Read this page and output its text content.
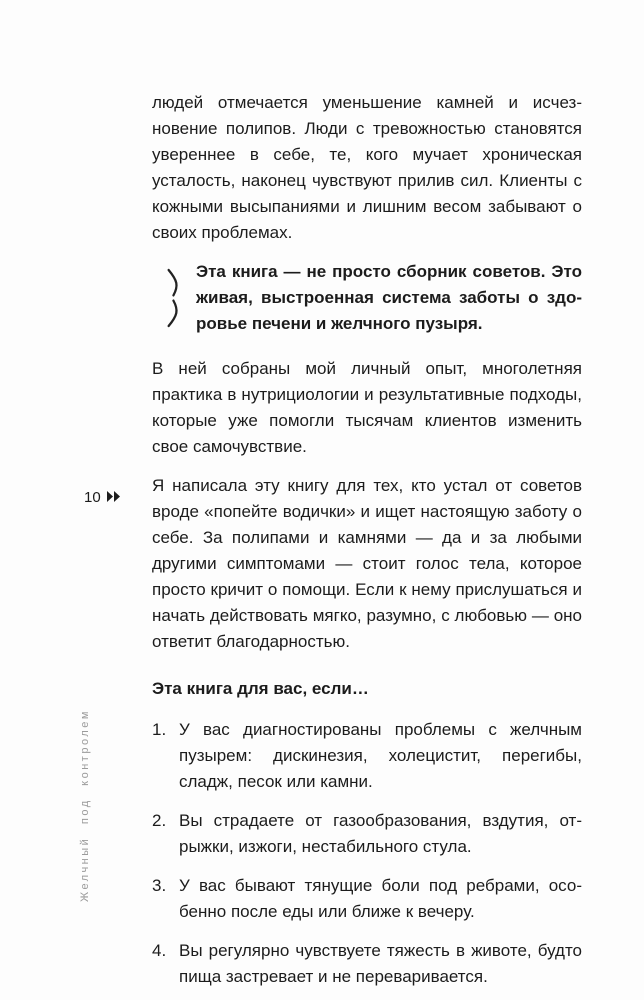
людей отмечается уменьшение камней и исчезновение полипов. Люди с тревожностью становятся увереннее в себе, те, кого мучает хроническая усталость, наконец чувствуют прилив сил. Клиенты с кожными высыпаниями и лишним весом забывают о своих проблемах.

Эта книга — не просто сборник советов. Это живая, выстроенная система заботы о здоровье печени и желчного пузыря.

В ней собраны мой личный опыт, многолетняя практика в нутрициологии и результативные подходы, которые уже помогли тысячам клиентов изменить свое самочувствие.

Я написала эту книгу для тех, кто устал от советов вроде «попейте водички» и ищет настоящую заботу о себе. За полипами и камнями — да и за любыми другими симптомами — стоит голос тела, которое просто кричит о помощи. Если к нему прислушаться и начать действовать мягко, разумно, с любовью — оно ответит благодарностью.

Эта книга для вас, если…
1. У вас диагностированы проблемы с желчным пузырем: дискинезия, холецистит, перегибы, сладж, песок или камни.
2. Вы страдаете от газообразования, вздутия, отрыжки, изжоги, нестабильного стула.
3. У вас бывают тянущие боли под ребрами, особенно после еды или ближе к вечеру.
4. Вы регулярно чувствуете тяжесть в животе, будто пища застревает и не переваривается.
10
Желчный под контролем
